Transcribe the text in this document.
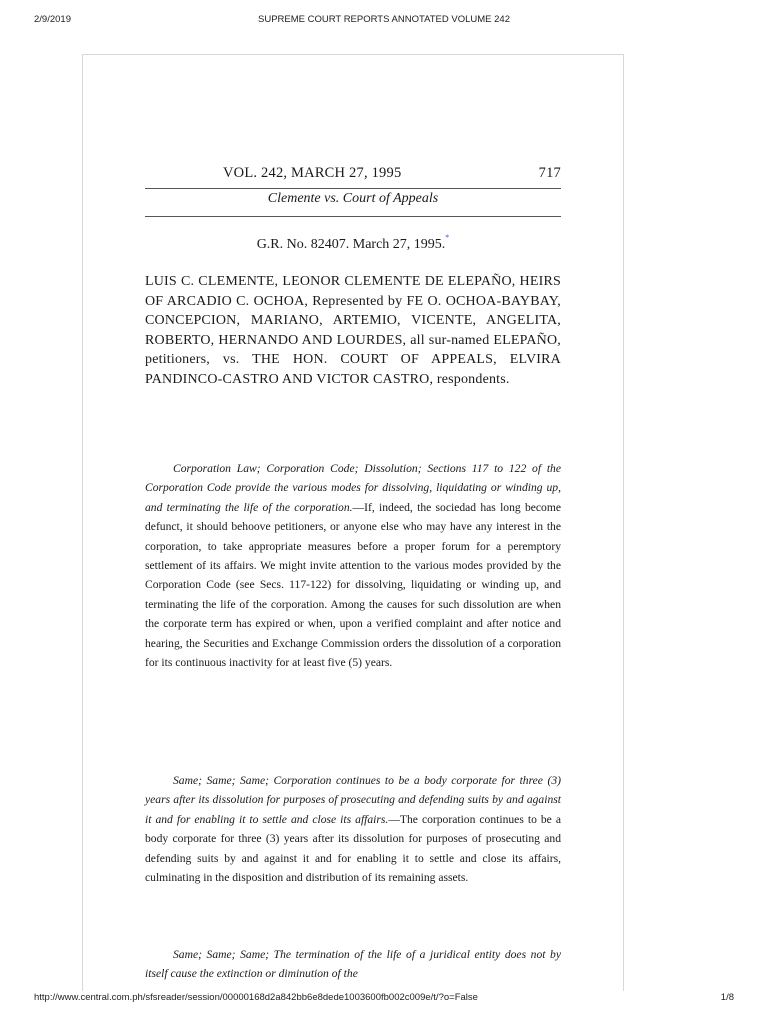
2/9/2019	SUPREME COURT REPORTS ANNOTATED VOLUME 242
VOL. 242, MARCH 27, 1995	717
Clemente vs. Court of Appeals
G.R. No. 82407. March 27, 1995.*
LUIS C. CLEMENTE, LEONOR CLEMENTE DE ELEPAÑO, HEIRS OF ARCADIO C. OCHOA, Represented by FE O. OCHOA-BAYBAY, CONCEPCION, MARIANO, ARTEMIO, VICENTE, ANGELITA, ROBERTO, HERNANDO AND LOURDES, all sur-named ELEPAÑO, petitioners, vs. THE HON. COURT OF APPEALS, ELVIRA PANDINCO-CASTRO AND VICTOR CASTRO, respondents.
Corporation Law; Corporation Code; Dissolution; Sections 117 to 122 of the Corporation Code provide the various modes for dissolving, liquidating or winding up, and terminating the life of the corporation.—If, indeed, the sociedad has long become defunct, it should behoove petitioners, or anyone else who may have any interest in the corporation, to take appropriate measures before a proper forum for a peremptory settlement of its affairs. We might invite attention to the various modes provided by the Corporation Code (see Secs. 117-122) for dissolving, liquidating or winding up, and terminating the life of the corporation. Among the causes for such dissolution are when the corporate term has expired or when, upon a verified complaint and after notice and hearing, the Securities and Exchange Commission orders the dissolution of a corporation for its continuous inactivity for at least five (5) years.
Same; Same; Same; Corporation continues to be a body corporate for three (3) years after its dissolution for purposes of prosecuting and defending suits by and against it and for enabling it to settle and close its affairs.—The corporation continues to be a body corporate for three (3) years after its dissolution for purposes of prosecuting and defending suits by and against it and for enabling it to settle and close its affairs, culminating in the disposition and distribution of its remaining assets.
Same; Same; Same; The termination of the life of a juridical entity does not by itself cause the extinction or diminution of the
http://www.central.com.ph/sfsreader/session/00000168d2a842bb6e8dede1003600fb002c009e/t/?o=False	1/8
